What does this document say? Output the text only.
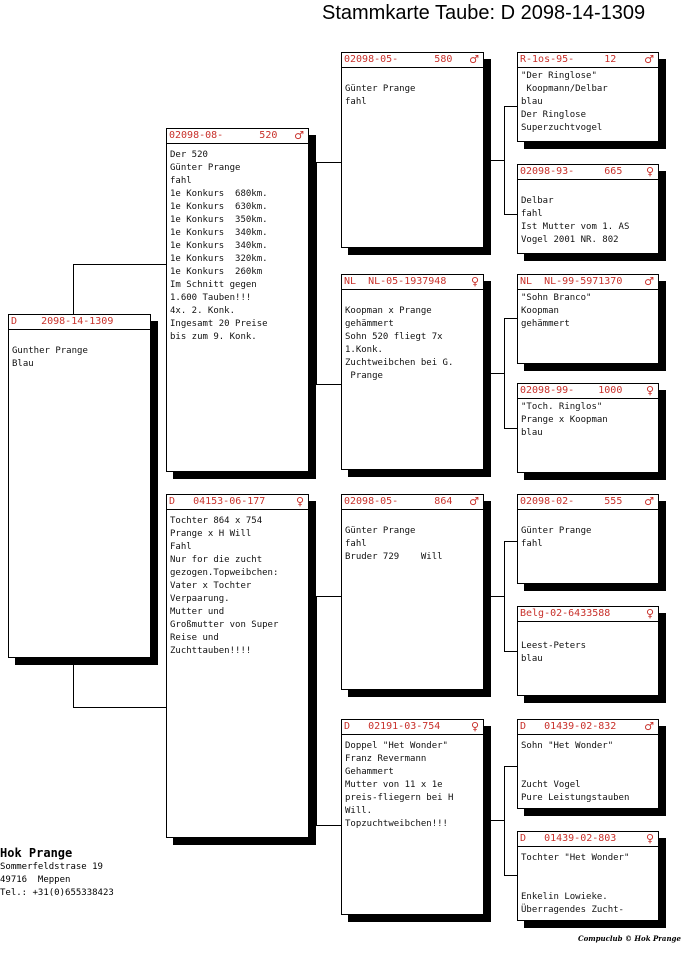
Stammkarte Taube: D 2098-14-1309
D    2098-14-1309
Gunther Prange
Blau
02098-08-      520 ♂
Der 520
Günter Prange
fahl
1e Konkurs  680km.
1e Konkurs  630km.
1e Konkurs  350km.
1e Konkurs  340km.
1e Konkurs  340km.
1e Konkurs  320km.
1e Konkurs  260km
Im Schnitt gegen
1.600 Tauben!!!
4x. 2. Konk.
Ingesamt 20 Preise
bis zum 9. Konk.
D   04153-06-177	♀
Tochter 864 x 754
Prange x H Will
Fahl
Nur for die zucht
gezogen.Topweibchen:
Vater x Tochter
Verpaarung.
Mutter und
Großmutter von Super
Reise und
Zuchttauben!!!!
02098-05-      580 ♂
Günter Prange
fahl
NL  NL-05-1937948 ♀
Koopman x Prange
gehämmert
Sohn 520 fliegt 7x
1.Konk.
Zuchtweibchen bei G.
Prange
02098-05-      864 ♂
Günter Prange
fahl
Bruder 729    Will
D   02191-03-754	♀
Doppel "Het Wonder"
Franz Revermann
Gehammert
Mutter von 11 x 1e
preis-fliegern bei H
Will.
Topzuchtweibchen!!!
R-1os-95-     12	♂
"Der Ringlose"
Koopmann/Delbar
blau
Der Ringlose
Superzuchtvogel
02098-93-     665 ♀

Delbar
fahl
Ist Mutter vom 1. AS
Vogel 2001 NR. 802
NL  NL-99-5971370 ♂
"Sohn Branco"
Koopman
gehämmert
02098-99-    1000 ♀
"Toch. Ringlos"
Prange x Koopman
blau
02098-02-     555 ♂
Günter Prange
fahl
Belg-02-6433588	♀

Leest-Peters
blau
D   01439-02-832	♂
Sohn "Het Wonder"

Zucht Vogel
Pure Leistungstauben
D   01439-02-803	♀
Tochter "Het Wonder"

Enkelin Lowieke.
Überragendes Zucht-
Hok Prange
Sommerfeldstrase 19
49716  Meppen
Tel.: +31(0)655338423
Compuclub © Hok Prange
